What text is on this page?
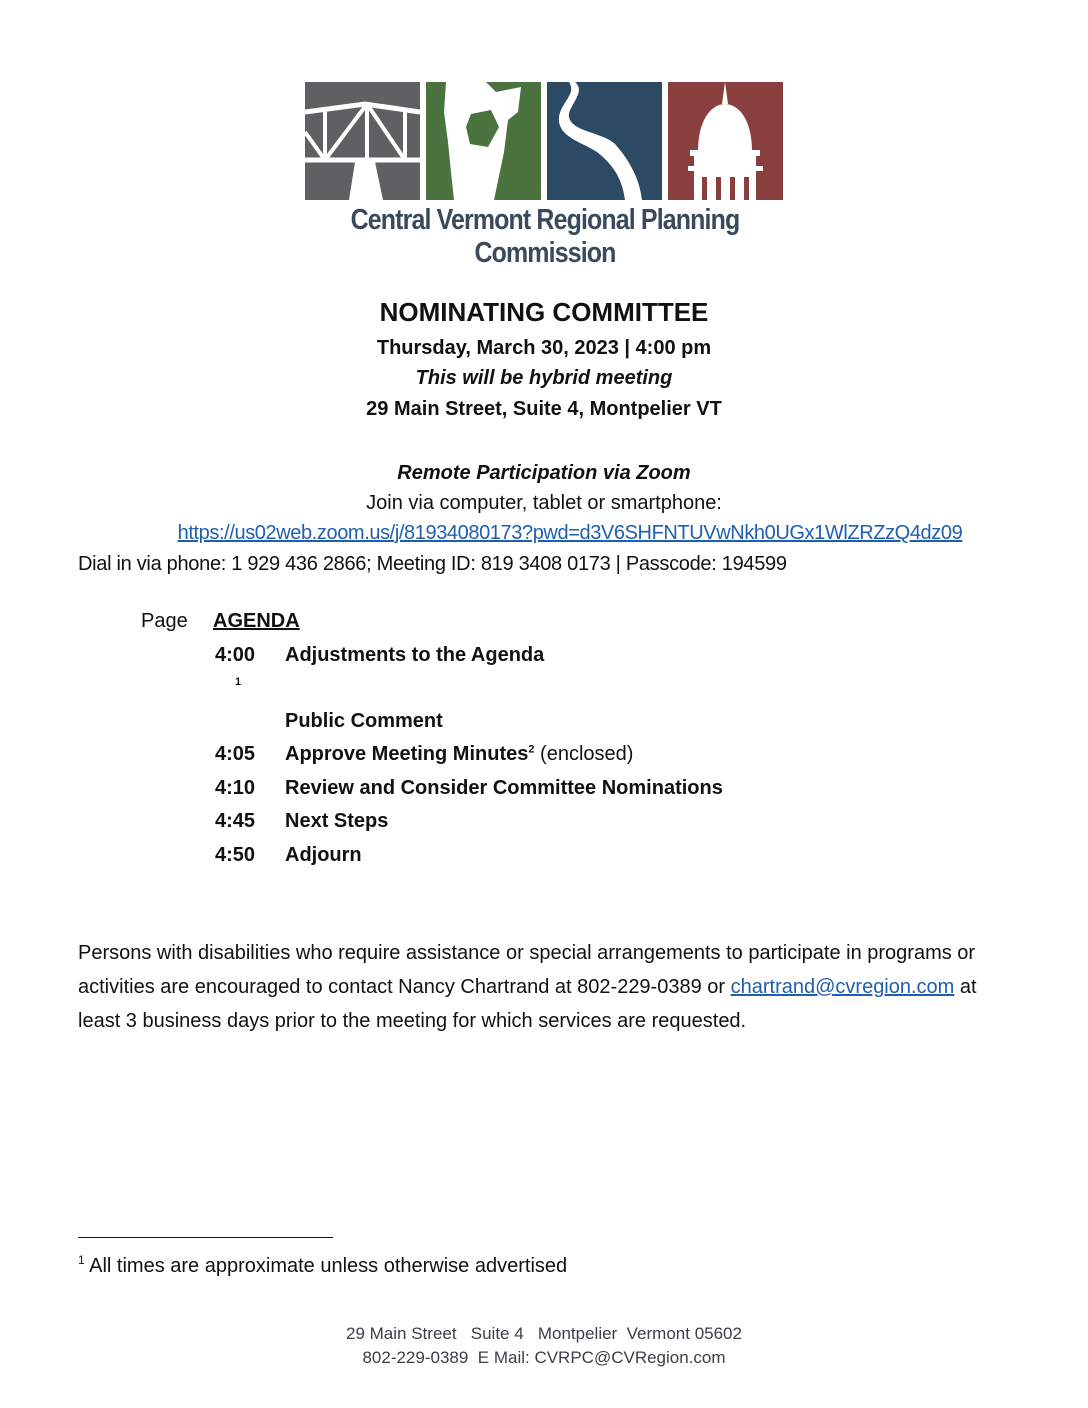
Central Vermont Regional Planning Commission
NOMINATING COMMITTEE
Thursday, March 30, 2023 | 4:00 pm
This will be hybrid meeting
29 Main Street, Suite 4, Montpelier VT
Remote Participation via Zoom
Join via computer, tablet or smartphone:
https://us02web.zoom.us/j/81934080173?pwd=d3V6SHFNTUVwNkh0UGx1WlZRZzQ4dz09
Dial in via phone: 1 929 436 2866; Meeting ID: 819 3408 0173 | Passcode: 194599
Page AGENDA
4:00 Adjustments to the Agenda
1
Public Comment
4:05 Approve Meeting Minutes$^2$ (enclosed)
4:10 Review and Consider Committee Nominations
4:45 Next Steps
4:50 Adjourn
Persons with disabilities who require assistance or special arrangements to participate in programs or activities are encouraged to contact Nancy Chartrand at 802-229-0389 or chartrand@cvregion.com at least 3 business days prior to the meeting for which services are requested.
$^1$ All times are approximate unless otherwise advertised
29 Main Street   Suite 4   Montpelier  Vermont 05602
802-229-0389  E Mail: CVRPC@CVRegion.com
